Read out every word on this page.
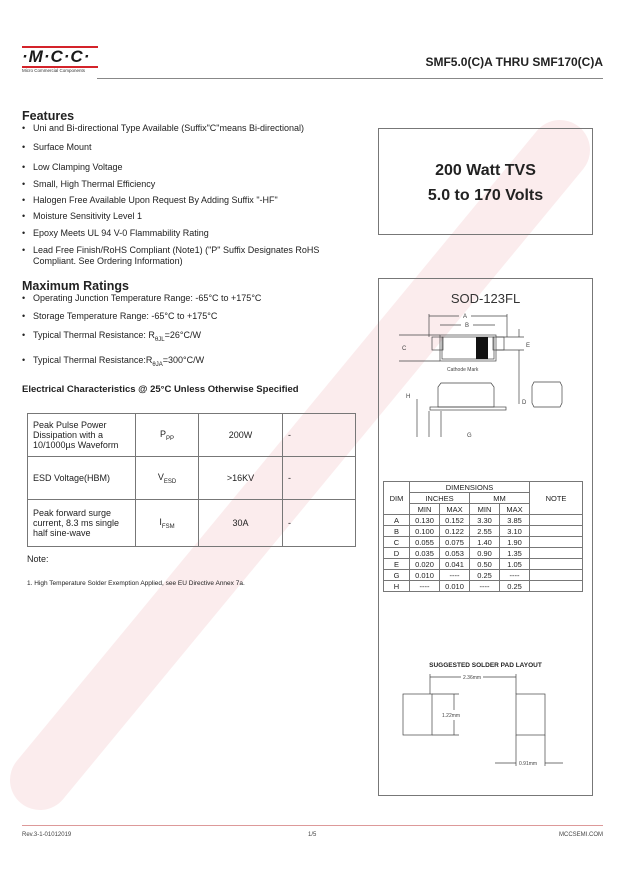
·M·C·C·
Micro Commercial Components
SMF5.0(C)A THRU SMF170(C)A
Features
• Uni and Bi-directional Type Available (Suffix"C"means Bi-directional)
• Surface Mount
• Low Clamping Voltage
• Small, High Thermal Efficiency
• Halogen Free Available Upon Request By Adding Suffix "-HF"
• Moisture Sensitivity Level 1
• Epoxy Meets UL 94 V-0 Flammability Rating
• Lead Free Finish/RoHS Compliant (Note1) ("P" Suffix Designates RoHS Compliant. See Ordering Information)
Maximum Ratings
• Operating Junction Temperature Range: -65°C to +175°C
• Storage Temperature Range: -65°C to +175°C
• Typical Thermal Resistance: $R_{\theta JL}=26^\circ C/W$
• Typical Thermal $Resistance:R_{\theta JA}=300^\circ C/W$
Electrical Characteristics @ 25°C Unless Otherwise Specified
Peak Pulse Power Dissipation with a 10/1000µs Waveform	$P_{PP}$	200W	-
ESD Voltage(HBM)	$V_{ESD}$	>16KV	-
Peak forward surge current, 8.3 ms single half sine-wave	$I_{FSM}$	30A	-
Note:
1. High Temperature Solder Exemption Applied, see EU Directive Annex 7a.
200 Watt TVS
5.0 to 170 Volts
SOD-123FL
A
B
C	E
H
D
G
Cathode Mark
DIM	DIMENSIONS				NOTE
	INCHES		MM		
	MIN	MAX	MIN	MAX	
A	0.130	0.152	3.30	3.85	
B	0.100	0.122	2.55	3.10	
C	0.055	0.075	1.40	1.90	
D	0.035	0.053	0.90	1.35	
E	0.020	0.041	0.50	1.05	
G	0.010	----	0.25	----	
H	----	0.010	----	0.25	
SUGGESTED SOLDER PAD LAYOUT
2.36mm
1.22mm
0.91mm
Rev.3-1-01012019	1/5	MCCSEMI.COM
